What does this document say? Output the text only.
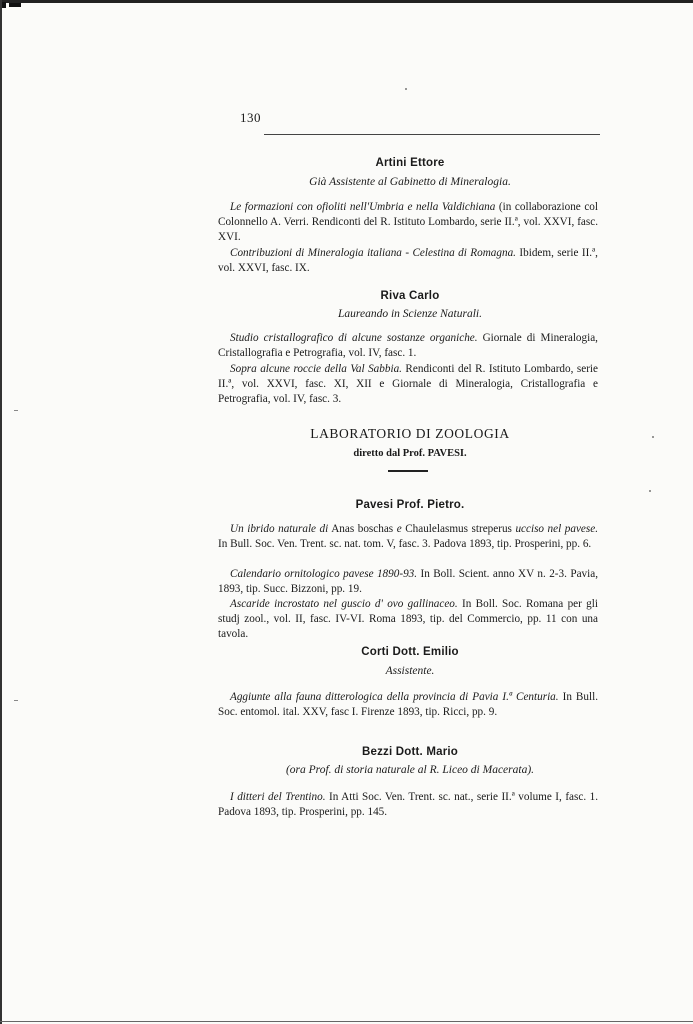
130
Artini Ettore
Già Assistente al Gabinetto di Mineralogia.
Le formazioni con ofioliti nell'Umbria e nella Valdichiana (in collaborazione col Colonnello A. Verri. Rendiconti del R. Istituto Lombardo, serie II.ª, vol. XXVI, fasc. XVI.
Contribuzioni di Mineralogia italiana - Celestina di Romagna. Ibidem, serie II.ª, vol. XXVI, fasc. IX.
Riva Carlo
Laureando in Scienze Naturali.
Studio cristallografico di alcune sostanze organiche. Giornale di Mineralogia, Cristallografia e Petrografia, vol. IV, fasc. 1.
Sopra alcune roccie della Val Sabbia. Rendiconti del R. Istituto Lombardo, serie II.ª, vol. XXVI, fasc. XI, XII e Giornale di Mineralogia, Cristallografia e Petrografia, vol. IV, fasc. 3.
LABORATORIO DI ZOOLOGIA
diretto dal Prof. PAVESI.
Pavesi Prof. Pietro.
Un ibrido naturale di Anas boschas e Chaulelasmus streperus ucciso nel pavese. In Bull. Soc. Ven. Trent. sc. nat. tom. V, fasc. 3. Padova 1893, tip. Prosperini, pp. 6.
Calendario ornitologico pavese 1890-93. In Boll. Scient. anno XV n. 2-3. Pavia, 1893, tip. Succ. Bizzoni, pp. 19.
Ascaride incrostato nel guscio d' ovo gallinaceo. In Boll. Soc. Romana per gli studj zool., vol. II, fasc. IV-VI. Roma 1893, tip. del Commercio, pp. 11 con una tavola.
Corti Dott. Emilio
Assistente.
Aggiunte alla fauna ditterologica della provincia di Pavia I.ª Centuria. In Bull. Soc. entomol. ital. XXV, fasc I. Firenze 1893, tip. Ricci, pp. 9.
Bezzi Dott. Mario
(ora Prof. di storia naturale al R. Liceo di Macerata).
I ditteri del Trentino. In Atti Soc. Ven. Trent. sc. nat., serie II.ª volume I, fasc. 1. Padova 1893, tip. Prosperini, pp. 145.
